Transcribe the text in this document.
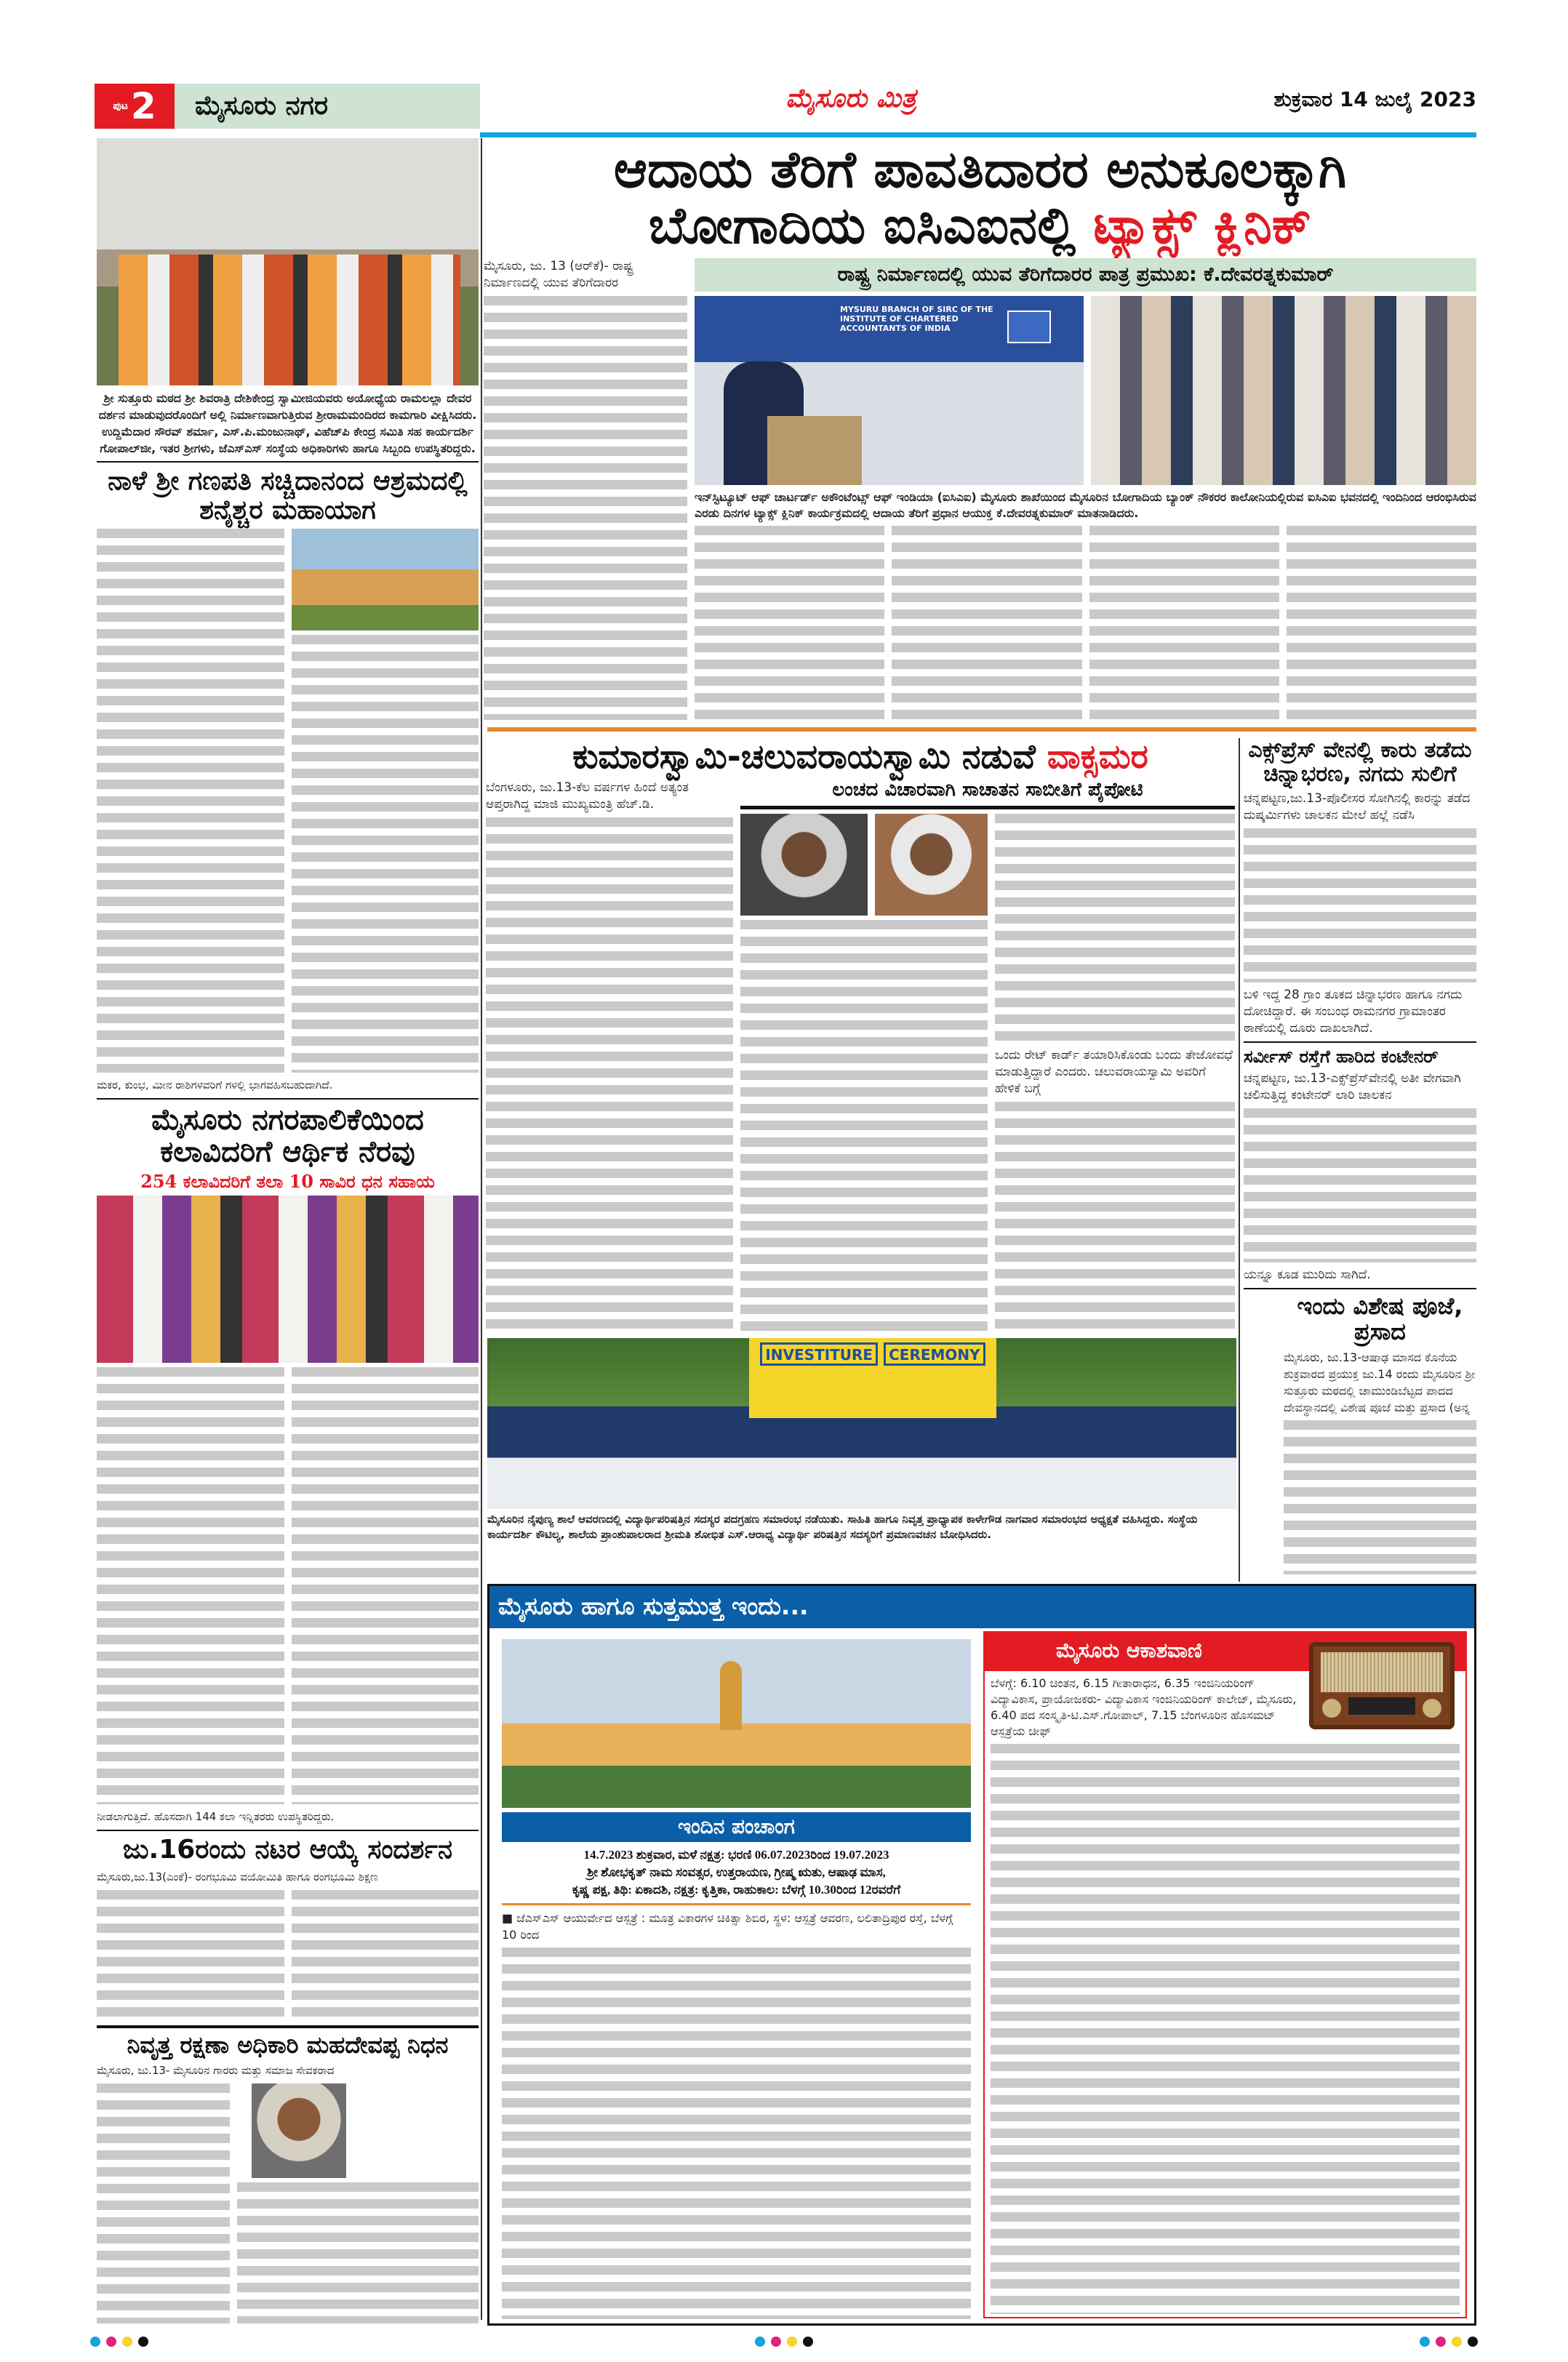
ಪುಟ 2 ಮೈಸೂರು ನಗರ	ಮೈಸೂರು ಮಿತ್ರ	ಶುಕ್ರವಾರ 14 ಜುಲೈ 2023
ಆದಾಯ ತೆರಿಗೆ ಪಾವತಿದಾರರ ಅನುಕೂಲಕ್ಕಾಗಿ
ಬೋಗಾದಿಯ ಐಸಿಎಐನಲ್ಲಿ ಟ್ಯಾಕ್ಸ್ ಕ್ಲಿನಿಕ್
ಮೈಸೂರು, ಜು. 13 (ಆರ್‌ಕೆ)- ರಾಷ್ಟ್ರ ನಿರ್ಮಾಣದಲ್ಲಿ ಯುವ ತೆರಿಗೆದಾರರ	ರಾಷ್ಟ್ರ ನಿರ್ಮಾಣದಲ್ಲಿ ಯುವ ತೆರಿಗೆದಾರರ ಪಾತ್ರ ಪ್ರಮುಖ: ಕೆ.ದೇವರತ್ನಕುಮಾರ್
MYSURU BRANCH OF SIRC OF THE INSTITUTE OF CHARTERED ACCOUNTANTS OF INDIA
ಇನ್‌ಸ್ಟಿಟ್ಯೂಟ್ ಆಫ್ ಚಾರ್ಟರ್ಡ್ ಅಕೌಂಟೆಂಟ್ಸ್ ಆಫ್ ಇಂಡಿಯಾ (ಐಸಿಎಐ) ಮೈಸೂರು ಶಾಖೆಯಿಂದ ಮೈಸೂರಿನ ಬೋಗಾದಿಯ ಬ್ಯಾಂಕ್ ನೌಕರರ ಕಾಲೋನಿಯಲ್ಲಿರುವ ಐಸಿಎಐ ಭವನದಲ್ಲಿ ಇಂದಿನಿಂದ ಆರಂಭಿಸಿರುವ ಎರಡು ದಿನಗಳ ಟ್ಯಾಕ್ಸ್ ಕ್ಲಿನಿಕ್ ಕಾರ್ಯಕ್ರಮದಲ್ಲಿ ಆದಾಯ ತೆರಿಗೆ ಪ್ರಧಾನ ಆಯುಕ್ತ ಕೆ.ದೇವರತ್ನಕುಮಾರ್ ಮಾತನಾಡಿದರು.
ಶ್ರೀ ಸುತ್ತೂರು ಮಠದ ಶ್ರೀ ಶಿವರಾತ್ರಿ ದೇಶಿಕೇಂದ್ರ ಸ್ವಾಮೀಜಿಯವರು ಅಯೋಧ್ಯೆಯ ರಾಮಲಲ್ಲಾ ದೇವರ ದರ್ಶನ ಮಾಡುವುದರೊಂದಿಗೆ ಅಲ್ಲಿ ನಿರ್ಮಾಣವಾಗುತ್ತಿರುವ ಶ್ರೀರಾಮಮಂದಿರದ ಕಾಮಗಾರಿ ವೀಕ್ಷಿಸಿದರು. ಉದ್ದಿಮೆದಾರ ಸೌರವ್ ಶರ್ಮಾ, ಎಸ್.ಪಿ.ಮಂಜುನಾಥ್, ವಿಹೆಚ್‌ಪಿ ಕೇಂದ್ರ ಸಮಿತಿ ಸಹ ಕಾರ್ಯದರ್ಶಿ ಗೋಪಾಲ್‌ಜೀ, ಇತರ ಶ್ರೀಗಳು, ಜೆಎಸ್‌ಎಸ್ ಸಂಸ್ಥೆಯ ಅಧಿಕಾರಿಗಳು ಹಾಗೂ ಸಿಬ್ಬಂದಿ ಉಪಸ್ಥಿತರಿದ್ದರು.
ನಾಳೆ ಶ್ರೀ ಗಣಪತಿ ಸಚ್ಚಿದಾನಂದ ಆಶ್ರಮದಲ್ಲಿ ಶನೈಶ್ಚರ ಮಹಾಯಾಗ
ಮಕರ, ಕುಂಭ, ಮೀನ ರಾಶಿಗಳವರಿಗೆ ಗಳಲ್ಲಿ ಭಾಗವಹಿಸಬಹುದಾಗಿದೆ.
ಮೈಸೂರು ನಗರಪಾಲಿಕೆಯಿಂದ ಕಲಾವಿದರಿಗೆ ಆರ್ಥಿಕ ನೆರವು
254 ಕಲಾವಿದರಿಗೆ ತಲಾ 10 ಸಾವಿರ ಧನ ಸಹಾಯ
ನೀಡಲಾಗುತ್ತಿದೆ. ಹೊಸದಾಗಿ 144 ಕಲಾ ಇನ್ನಿತರರು ಉಪಸ್ಥಿತರಿದ್ದರು.
ಜು.16ರಂದು ನಟರ ಆಯ್ಕೆ ಸಂದರ್ಶನ
ಮೈಸೂರು,ಜು.13(ಎಂಕೆ)- ರಂಗಭೂಮಿ ವಯೋಮಿತಿ ಹಾಗೂ ರಂಗಭೂಮಿ ಶಿಕ್ಷಣ
ನಿವೃತ್ತ ರಕ್ಷಣಾ ಅಧಿಕಾರಿ ಮಹದೇವಪ್ಪ ನಿಧನ
ಮೈಸೂರು, ಜು.13- ಮೈಸೂರಿನ ಗಾರರು ಮತ್ತು ಸಮಾಜ ಸೇವಕರಾದ
ಕುಮಾರಸ್ವಾಮಿ-ಚಲುವರಾಯಸ್ವಾಮಿ ನಡುವೆ ವಾಕ್ಸಮರ
ಬೆಂಗಳೂರು, ಜು.13-ಕೆಲ ವರ್ಷಗಳ ಹಿಂದೆ ಅತ್ಯಂತ ಆಪ್ತರಾಗಿದ್ದ ಮಾಜಿ ಮುಖ್ಯಮಂತ್ರಿ ಹೆಚ್.ಡಿ.
ಲಂಚದ ವಿಚಾರವಾಗಿ ಸಾಚಾತನ ಸಾಬೀತಿಗೆ ಪೈಪೋಟಿ
ಒಂದು ರೇಟ್ ಕಾರ್ಡ್ ತಯಾರಿಸಿಕೊಂಡು ಬಂದು ತೇಜೋವಧೆ ಮಾಡುತ್ತಿದ್ದಾರೆ ಎಂದರು. ಚಲುವರಾಯಸ್ವಾಮಿ ಅವರಿಗೆ ಹೇಳಿಕೆ ಬಗ್ಗೆ
ಎಕ್ಸ್‌ಪ್ರೆಸ್ ವೇನಲ್ಲಿ ಕಾರು ತಡೆದು ಚಿನ್ನಾಭರಣ, ನಗದು ಸುಲಿಗೆ
ಚನ್ನಪಟ್ಟಣ,ಜು.13-ಪೊಲೀಸರ ಸೋಗಿನಲ್ಲಿ ಕಾರನ್ನು ತಡೆದ ದುಷ್ಕರ್ಮಿಗಳು ಚಾಲಕನ ಮೇಲೆ ಹಲ್ಲೆ ನಡೆಸಿ
ಬಳಿ ಇದ್ದ 28 ಗ್ರಾಂ ತೂಕದ ಚಿನ್ನಾಭರಣ ಹಾಗೂ ನಗದು ದೋಚಿದ್ದಾರೆ. ಈ ಸಂಬಂಧ ರಾಮನಗರ ಗ್ರಾಮಾಂತರ ಠಾಣೆಯಲ್ಲಿ ದೂರು ದಾಖಲಾಗಿದೆ.
ಸರ್ವೀಸ್ ರಸ್ತೆಗೆ ಹಾರಿದ ಕಂಟೇನರ್
ಚನ್ನಪಟ್ಟಣ, ಜು.13-ಎಕ್ಸ್‌ಪ್ರೆಸ್‌ವೇನಲ್ಲಿ ಅತೀ ವೇಗವಾಗಿ ಚಲಿಸುತ್ತಿದ್ದ ಕಂಟೇನರ್ ಲಾರಿ ಚಾಲಕನ
ಯನ್ನೂ ಕೂಡ ಮುರಿದು ಸಾಗಿದೆ.
ಇಂದು ವಿಶೇಷ ಪೂಜೆ, ಪ್ರಸಾದ
ಮೈಸೂರು, ಜು.13-ಆಷಾಢ ಮಾಸದ ಕೊನೆಯ ಶುಕ್ರವಾರದ ಪ್ರಯುಕ್ತ ಜು.14 ರಂದು ಮೈಸೂರಿನ ಶ್ರೀ ಸುತ್ತೂರು ಮಠದಲ್ಲಿ ಚಾಮುಂಡಿಬೆಟ್ಟದ ಪಾದದ ದೇವಸ್ಥಾನದಲ್ಲಿ ವಿಶೇಷ ಪೂಜೆ ಮತ್ತು ಪ್ರಸಾದ (ಅನ್ನ
INVESTITURE	CEREMONY
ಮೈಸೂರಿನ ನೈಪುಣ್ಯ ಶಾಲೆ ಆವರಣದಲ್ಲಿ ವಿದ್ಯಾರ್ಥಿಪರಿಷತ್ತಿನ ಸದಸ್ಯರ ಪದಗ್ರಹಣ ಸಮಾರಂಭ ನಡೆಯಿತು. ಸಾಹಿತಿ ಹಾಗೂ ನಿವೃತ್ತ ಪ್ರಾಧ್ಯಾಪಕ ಕಾಳೇಗೌಡ ನಾಗವಾರ ಸಮಾರಂಭದ ಅಧ್ಯಕ್ಷತೆ ವಹಿಸಿದ್ದರು. ಸಂಸ್ಥೆಯ ಕಾರ್ಯದರ್ಶಿ ಕೌಟಿಲ್ಯ, ಶಾಲೆಯ ಪ್ರಾಂಶುಪಾಲರಾದ ಶ್ರೀಮತಿ ಶೋಭಿತ ಎಸ್.ಆರಾಧ್ಯ ವಿದ್ಯಾರ್ಥಿ ಪರಿಷತ್ತಿನ ಸದಸ್ಯರಿಗೆ ಪ್ರಮಾಣವಚನ ಬೋಧಿಸಿದರು.
ಮೈಸೂರು ಹಾಗೂ ಸುತ್ತಮುತ್ತ ಇಂದು...
ಇಂದಿನ ಪಂಚಾಂಗ
14.7.2023 ಶುಕ್ರವಾರ, ಮಳೆ ನಕ್ಷತ್ರ: ಭರಣಿ 06.07.2023ರಿಂದ 19.07.2023
ಶ್ರೀ ಶೋಭಕೃತ್ ನಾಮ ಸಂವತ್ಸರ, ಉತ್ತರಾಯಣ, ಗ್ರೀಷ್ಮ ಋತು, ಆಷಾಢ ಮಾಸ,
ಕೃಷ್ಣ ಪಕ್ಷ, ತಿಥಿ: ಏಕಾದಶಿ, ನಕ್ಷತ್ರ: ಕೃತ್ತಿಕಾ, ರಾಹುಕಾಲ: ಬೆಳಗ್ಗೆ 10.30ರಿಂದ 12ರವರೆಗೆ
■ ಜೆಎಸ್‌ಎಸ್ ಆಯುರ್ವೇದ ಆಸ್ಪತ್ರೆ : ಮೂತ್ರ ವಿಕಾರಗಳ ಚಿಕಿತ್ಸಾ ಶಿಬಿರ, ಸ್ಥಳ: ಆಸ್ಪತ್ರೆ ಆವರಣ, ಲಲಿತಾದ್ರಿಪುರ ರಸ್ತೆ, ಬೆಳಗ್ಗೆ 10 ರಿಂದ
ಮೈಸೂರು ಆಕಾಶವಾಣಿ
ಬೆಳಗ್ಗೆ: 6.10 ಚಿಂತನ, 6.15 ಗೀತಾರಾಧನ, 6.35 ಇಂಜಿನಿಯರಿಂಗ್ ವಿದ್ಯಾವಿಕಾಸ, ಪ್ರಾಯೋಜಕರು- ವಿದ್ಯಾವಿಕಾಸ ಇಂಜಿನಿಯರಿಂಗ್ ಕಾಲೇಜ್, ಮೈಸೂರು, 6.40 ಪದ ಸಂಸ್ಕೃತಿ-ಟಿ.ಎಸ್.ಗೋಪಾಲ್, 7.15 ಬೆಂಗಳೂರಿನ ಹೊಸಮಟ್ ಆಸ್ಪತ್ರೆಯ ಚೀಫ್
